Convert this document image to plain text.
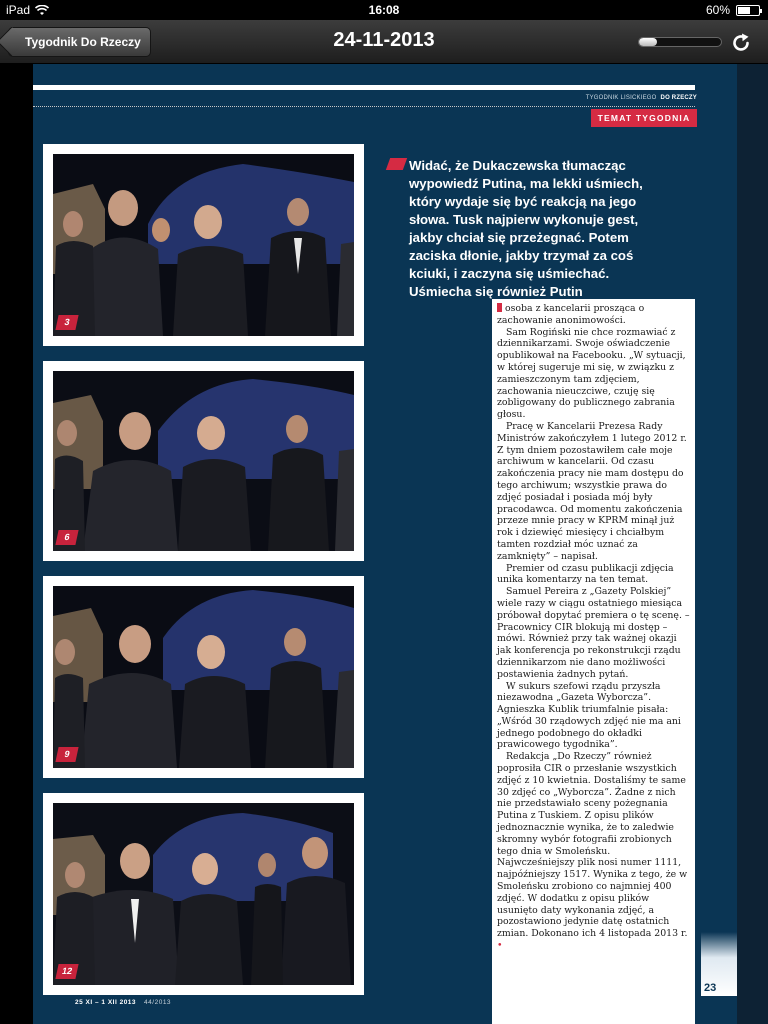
iPad	16:08	60%
Tygodnik Do Rzeczy	24-11-2013
TYGODNIK LISICKIEGO DO RZECZY
TEMAT TYGODNIA
3
6
9
12
Widać, że Dukaczewska tłumacząc wypowiedź Putina, ma lekki uśmiech, który wydaje się być reakcją na jego słowa. Tusk najpierw wykonuje gest, jakby chciał się przeżegnać. Potem zaciska dłonie, jakby trzymał za coś kciuki, i zaczyna się uśmiechać. Uśmiecha się również Putin

osoba z kancelarii prosząca o zachowanie anonimowości.

Sam Rogiński nie chce rozmawiać z dziennikarzami. Swoje oświadczenie opublikował na Facebooku. „W sytuacji, w której sugeruje mi się, w związku z zamieszczonym tam zdjęciem, zachowania nieuczciwe, czuję się zobligowany do publicznego zabrania głosu.

Pracę w Kancelarii Prezesa Rady Ministrów zakończyłem 1 lutego 2012 r. Z tym dniem pozostawiłem całe moje archiwum w kancelarii. Od czasu zakończenia pracy nie mam dostępu do tego archiwum; wszystkie prawa do zdjęć posiadał i posiada mój były pracodawca. Od momentu zakończenia przeze mnie pracy w KPRM minął już rok i dziewięć miesięcy i chciałbym tamten rozdział móc uznać za zamknięty” – napisał.

Premier od czasu publikacji zdjęcia unika komentarzy na ten temat.

Samuel Pereira z „Gazety Polskiej” wiele razy w ciągu ostatniego miesiąca próbował dopytać premiera o tę scenę. – Pracownicy CIR blokują mi dostęp – mówi. Również przy tak ważnej okazji jak konferencja po rekonstrukcji rządu dziennikarzom nie dano możliwości postawienia żadnych pytań.

W sukurs szefowi rządu przyszła niezawodna „Gazeta Wyborcza”. Agnieszka Kublik triumfalnie pisała: „Wśród 30 rządowych zdjęć nie ma ani jednego podobnego do okładki prawicowego tygodnika”.

Redakcja „Do Rzeczy” również poprosiła CIR o przesłanie wszystkich zdjęć z 10 kwietnia. Dostaliśmy te same 30 zdjęć co „Wyborcza”. Żadne z nich nie przedstawiało sceny pożegnania Putina z Tuskiem. Z opisu plików jednoznacznie wynika, że to zaledwie skromny wybór fotografii zrobionych tego dnia w Smoleńsku. Najwcześniejszy plik nosi numer 1111, najpóźniejszy 1517. Wynika z tego, że w Smoleńsku zrobiono co najmniej 400 zdjęć. W dodatku z opisu plików usunięto daty wykonania zdjęć, a pozostawiono jedynie datę ostatnich zmian. Dokonano ich 4 listopada 2013 r. •

25 XI – 1 XII 2013 44/2013
23
